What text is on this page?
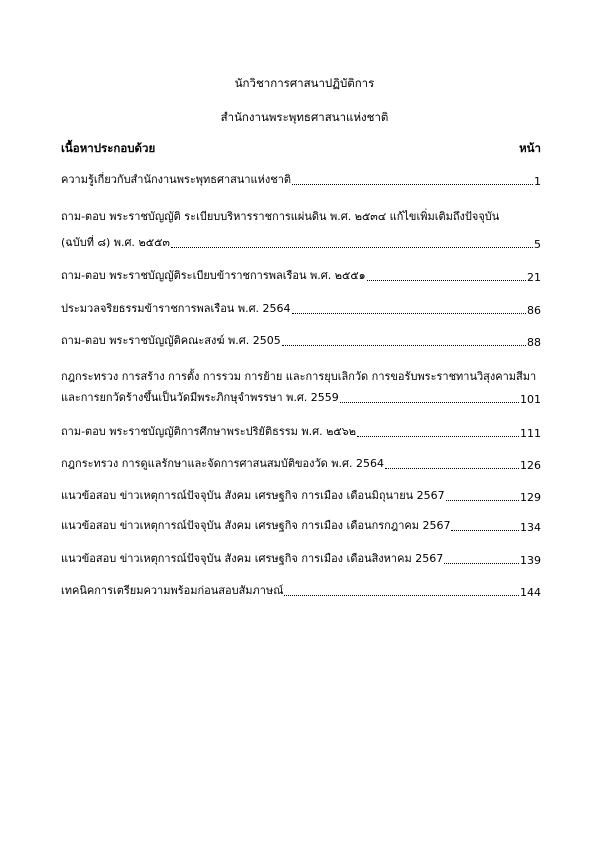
นักวิชาการศาสนาปฏิบัติการ
สำนักงานพระพุทธศาสนาแห่งชาติ
เนื้อหาประกอบด้วย	หน้า
ความรู้เกี่ยวกับสำนักงานพระพุทธศาสนาแห่งชาติ	1
ถาม-ตอบ พระราชบัญญัติ ระเบียบบริหารราชการแผ่นดิน พ.ศ. ๒๕๓๔ แก้ไขเพิ่มเติมถึงปัจจุบัน
(ฉบับที่ ๘) พ.ศ. ๒๕๕๓	5
ถาม-ตอบ พระราชบัญญัติระเบียบข้าราชการพลเรือน พ.ศ. ๒๕๕๑	21
ประมวลจริยธรรมข้าราชการพลเรือน พ.ศ. 2564	86
ถาม-ตอบ พระราชบัญญัติคณะสงฆ์ พ.ศ. 2505	88
กฎกระทรวง การสร้าง การตั้ง การรวม การย้าย และการยุบเลิกวัด การขอรับพระราชทานวิสุงคามสีมา
และการยกวัดร้างขึ้นเป็นวัดมีพระภิกษุจำพรรษา พ.ศ. 2559	101
ถาม-ตอบ พระราชบัญญัติการศึกษาพระปริยัติธรรม พ.ศ. ๒๕๖๒	111
กฎกระทรวง การดูแลรักษาและจัดการศาสนสมบัติของวัด พ.ศ. 2564	126
แนวข้อสอบ ข่าวเหตุการณ์ปัจจุบัน สังคม เศรษฐกิจ การเมือง เดือนมิถุนายน 2567	129
แนวข้อสอบ ข่าวเหตุการณ์ปัจจุบัน สังคม เศรษฐกิจ การเมือง เดือนกรกฎาคม 2567	134
แนวข้อสอบ ข่าวเหตุการณ์ปัจจุบัน สังคม เศรษฐกิจ การเมือง เดือนสิงหาคม 2567	139
เทคนิคการเตรียมความพร้อมก่อนสอบสัมภาษณ์	144
